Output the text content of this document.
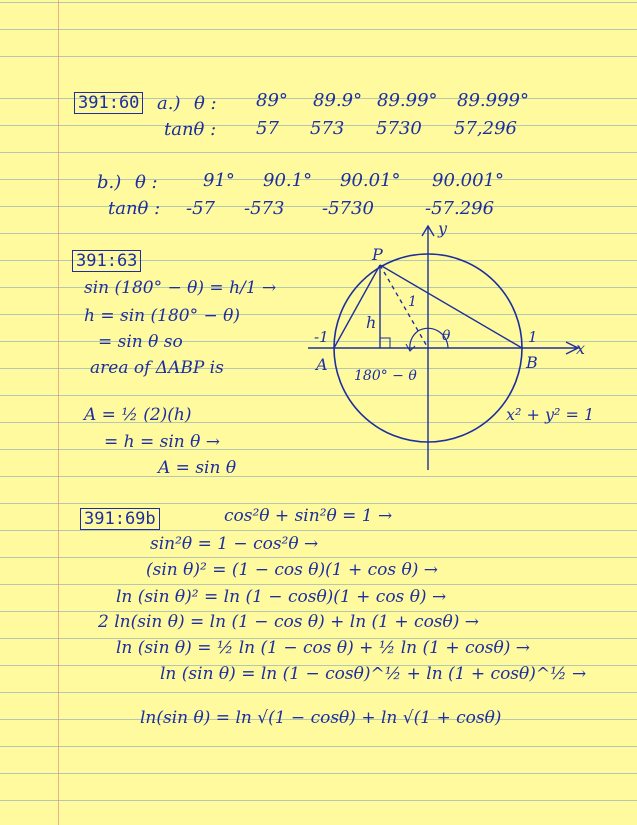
391:60 a.) θ : 89° 89.9° 89.99° 89.999°
tanθ : 57 573 5730 57,296
b.) θ :	91° 90.1° 90.01° 90.001°
tanθ : -57 -573 -5730	-57.296
391:63
sin (180° − θ) = h/1 →
h = sin (180° − θ)
= sin θ so
area of ΔABP is
A = ½ (2)(h)
= h = sin θ →
A = sin θ
y
x
P
A	B
-1	1
1
h
θ
180° − θ
x² + y² = 1
391:69b	cos²θ + sin²θ = 1 →
sin²θ = 1 − cos²θ →
(sin θ)² = (1 − cos θ)(1 + cos θ) →
ln (sin θ)² = ln (1 − cosθ)(1 + cos θ) →
2 ln(sin θ) = ln (1 − cos θ) + ln (1 + cosθ) →
ln (sin θ) = ½ ln (1 − cos θ) + ½ ln (1 + cosθ) →
ln (sin θ) = ln (1 − cosθ)^½ + ln (1 + cosθ)^½ →
ln(sin θ) = ln √(1 − cosθ) + ln √(1 + cosθ)
